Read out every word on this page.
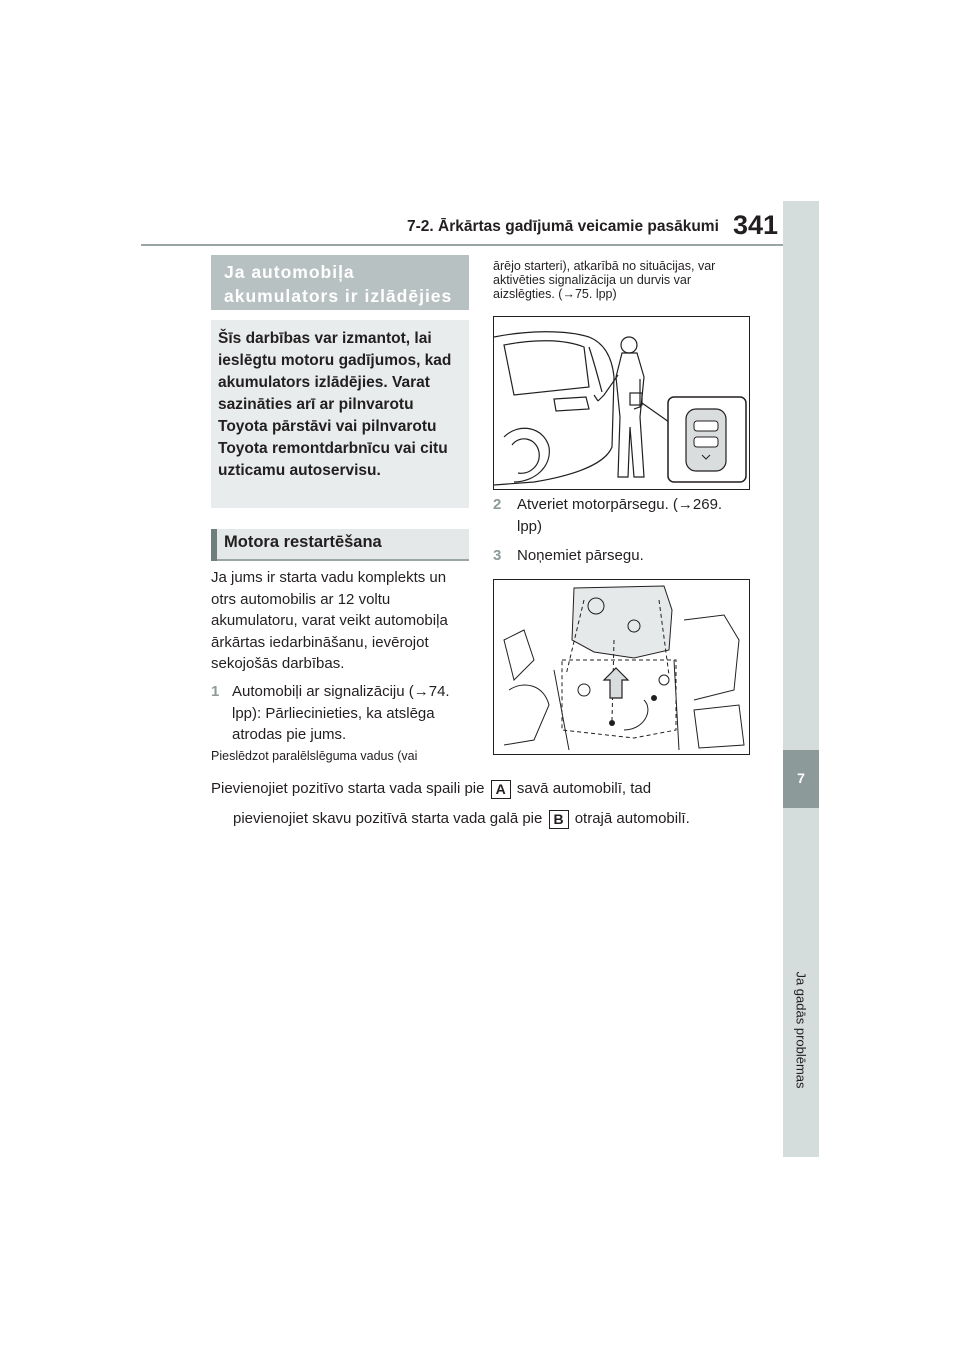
7-2. Ārkārtas gadījumā veicamie pasākumi 341
7
Ja gadās problēmas
Ja automobiļa akumulators ir izlādējies
Šīs darbības var izmantot, lai ieslēgtu motoru gadījumos, kad akumulators izlādējies. Varat sazināties arī ar pilnvarotu Toyota pārstāvi vai pilnvarotu Toyota remontdarbnīcu vai citu uzticamu autoservisu.
Motora restartēšana
Ja jums ir starta vadu komplekts un otrs automobilis ar 12 voltu akumulatoru, varat veikt automobiļa ārkārtas iedarbināšanu, ievērojot sekojošās darbības.
1 Automobiļi ar signalizāciju (→74. lpp): Pārliecinieties, ka atslēga atrodas pie jums.
Pieslēdzot paralēlslēguma vadus (vai
ārējo starteri), atkarībā no situācijas, var aktivēties signalizācija un durvis var aizslēgties. (→75. lpp)
2 Atveriet motorpārsegu. (→269. lpp)
3 Noņemiet pārsegu.
Pievienojiet pozitīvo starta vada spaili pie A savā automobilī, tad
pievienojiet skavu pozitīvā starta vada galā pie B otrajā automobilī.
